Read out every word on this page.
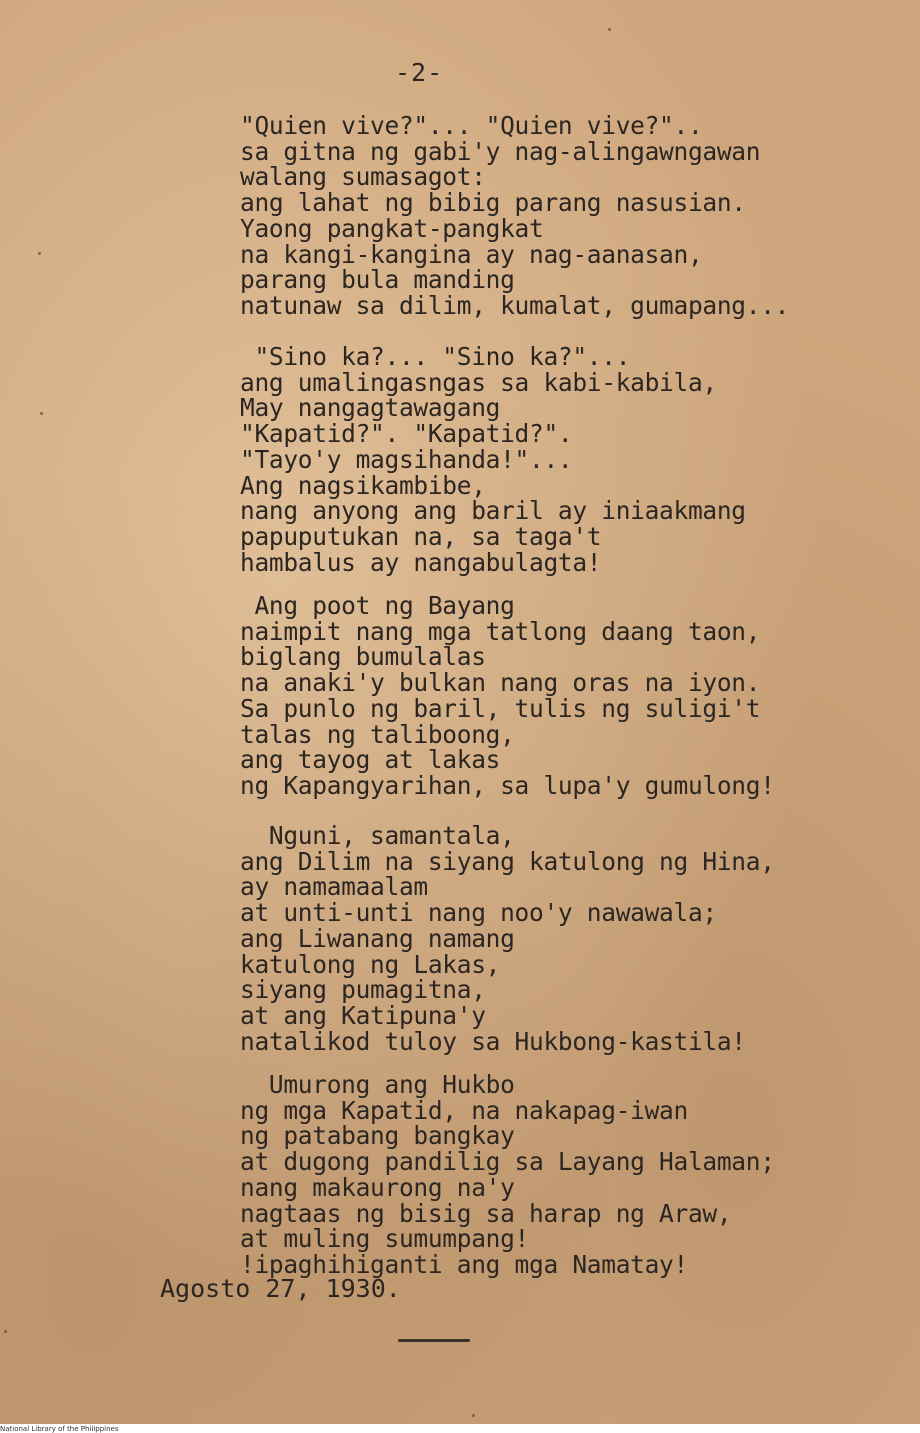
-2-
"Quien vive?"... "Quien vive?"..
sa gitna ng gabi'y nag-alingawngawan
walang sumasagot:
ang lahat ng bibig parang nasusian.
Yaong pangkat-pangkat
na kangi-kangina ay nag-aanasan,
parang bula manding
natunaw sa dilim, kumalat, gumapang...
"Sino ka?... "Sino ka?"...
ang umalingasngas sa kabi-kabila,
May nangagtawagang
"Kapatid?". "Kapatid?".
"Tayo'y magsihanda!"...
Ang nagsikambibe,
nang anyong ang baril ay iniaakmang
papuputukan na, sa taga't
hambalus ay nangabulagta!
Ang poot ng Bayang
naimpit nang mga tatlong daang taon,
biglang bumulalas
na anaki'y bulkan nang oras na iyon.
Sa punlo ng baril, tulis ng suligi't
talas ng taliboong,
ang tayog at lakas
ng Kapangyarihan, sa lupa'y gumulong!
Nguni, samantala,
ang Dilim na siyang katulong ng Hina,
ay namamaalam
at unti-unti nang noo'y nawawala;
ang Liwanang namang
katulong ng Lakas,
siyang pumagitna,
at ang Katipuna'y
natalikod tuloy sa Hukbong-kastila!
Umurong ang Hukbo
ng mga Kapatid, na nakapag-iwan
ng patabang bangkay
at dugong pandilig sa Layang Halaman;
nang makaurong na'y
nagtaas ng bisig sa harap ng Araw,
at muling sumumpang!
!ipaghihiganti ang mga Namatay!
Agosto 27, 1930.
National Library of the Philippines
